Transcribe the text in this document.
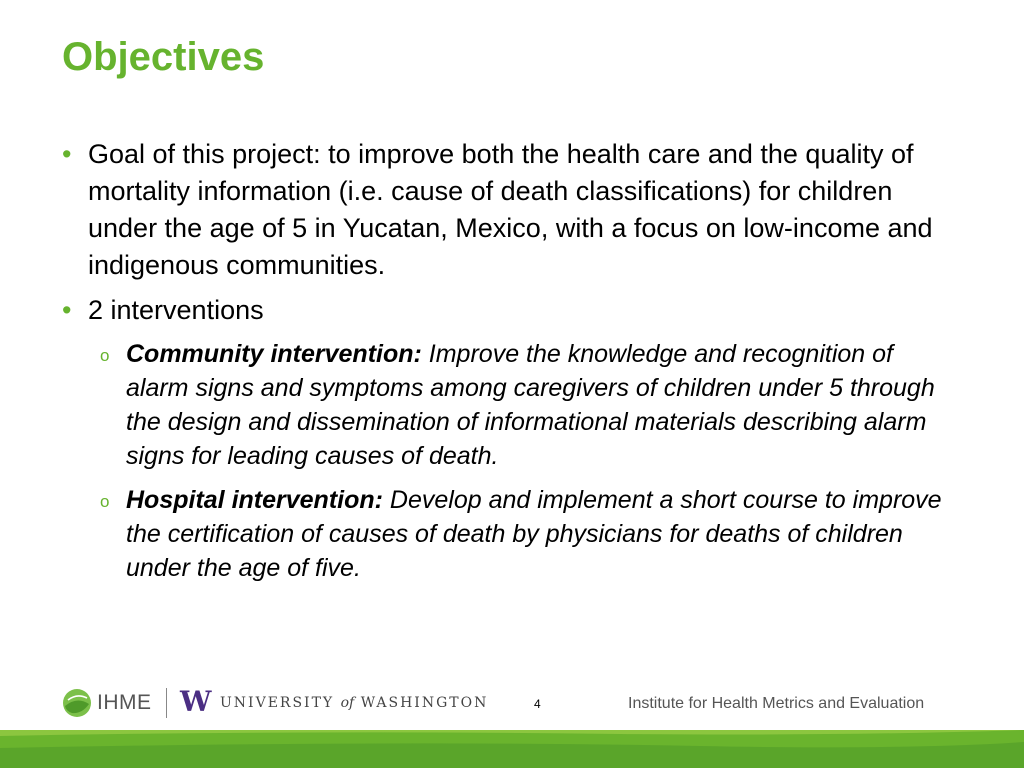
Objectives
• Goal of this project: to improve both the health care and the quality of mortality information (i.e. cause of death classifications) for children under the age of 5 in Yucatan, Mexico, with a focus on low-income and indigenous communities.
• 2 interventions
o Community intervention: Improve the knowledge and recognition of alarm signs and symptoms among caregivers of children under 5 through the design and dissemination of informational materials describing alarm signs for leading causes of death.
o Hospital intervention: Develop and implement a short course to improve the certification of causes of death by physicians for deaths of children under the age of five.
IHME W UNIVERSITY of WASHINGTON	4	Institute for Health Metrics and Evaluation
